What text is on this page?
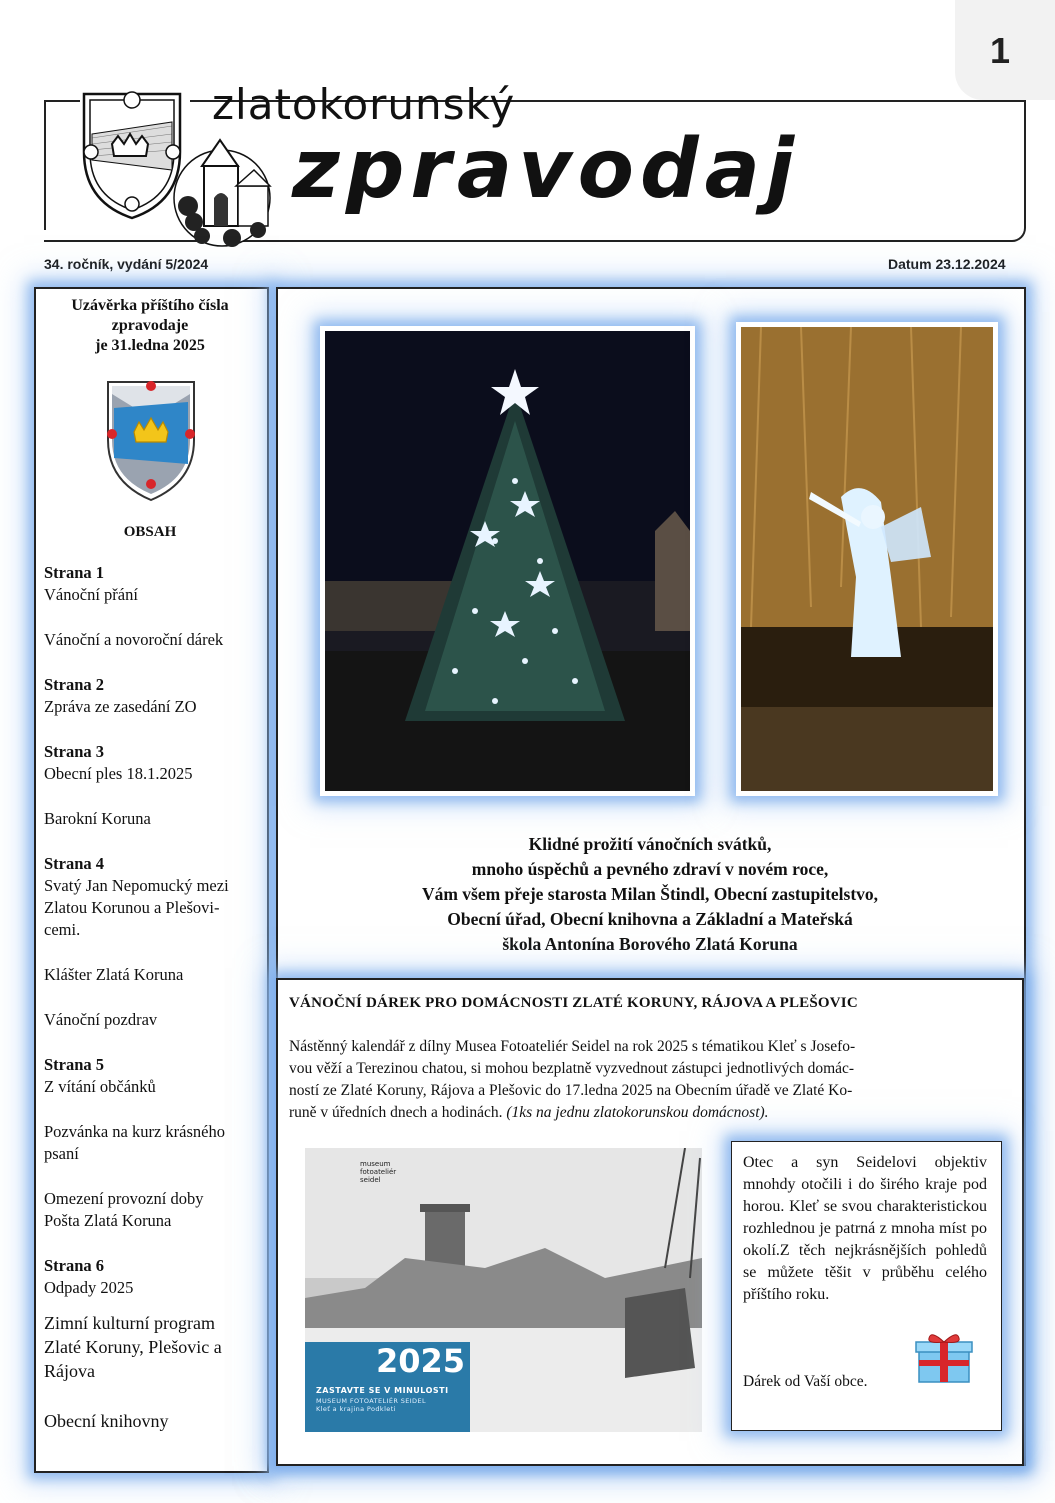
1
zlatokorunský
zpravodaj
34. ročník, vydání 5/2024	Datum 23.12.2024
Uzávěrka příštího čísla
zpravodaje
je 31.ledna 2025
OBSAH

Strana 1

Vánoční přání

Vánoční a novoroční dárek

Strana 2

Zpráva ze zasedání ZO

Strana 3

Obecní ples 18.1.2025

Barokní Koruna

Strana 4

Svatý Jan Nepomucký mezi

Zlatou Korunou a Plešovi-

cemi.

Klášter Zlatá Koruna

Vánoční pozdrav

Strana 5

Z vítání občánků

Pozvánka na kurz krásného

psaní

Omezení provozní doby

Pošta Zlatá Koruna

Strana 6

Odpady 2025

Zimní kulturní program

Zlaté Koruny, Plešovic a

Rájova

Obecní knihovny

Klidné prožití vánočních svátků,
mnoho úspěchů a pevného zdraví v novém roce,
Vám všem přeje starosta Milan Štindl, Obecní zastupitelstvo,
Obecní úřad, Obecní knihovna a Základní a Mateřská
škola Antonína Borového Zlatá Koruna
VÁNOČNÍ DÁREK PRO DOMÁCNOSTI ZLATÉ KORUNY, RÁJOVA A PLEŠOVIC
Nástěnný kalendář z dílny Musea Fotoateliér Seidel na rok 2025 s tématikou Kleť s Josefo-
vou věží a Terezinou chatou, si mohou bezplatně vyzvednout zástupci jednotlivých domác-
ností ze Zlaté Koruny, Rájova a Plešovic do 17.ledna 2025 na Obecním úřadě ve Zlaté Ko-
runě v úředních dnech a hodinách. (1ks na jednu zlatokorunskou domácnost).
museum
fotoateliér
seidel
2025
ZASTAVTE SE V MINULOSTI
MUSEUM FOTOATELIÉR SEIDEL
Kleť a krajina Podkleti
Otec a syn Seidelovi objektiv mnohdy otočili i do širého kraje pod horou. Kleť se svou charakteristickou rozhlednou je patrná z mnoha míst po okolí.Z těch nejkrásnějších pohledů se můžete těšit v průběhu celého příštího roku.
Dárek od Vaší obce.
